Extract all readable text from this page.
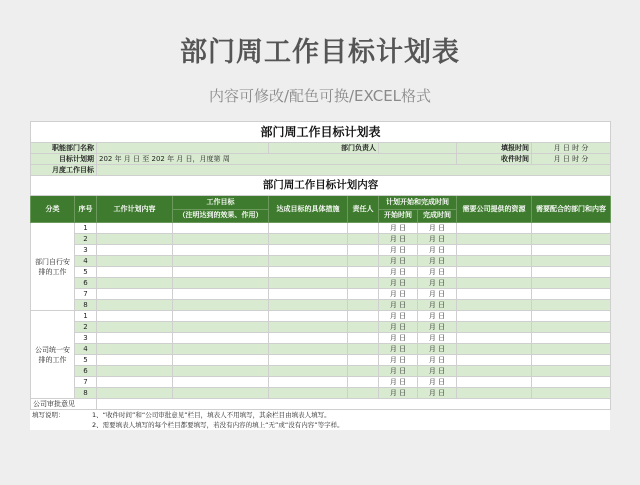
部门周工作目标计划表
内容可修改/配色可换/EXCEL格式
部门周工作目标计划表									
职能部门名称				部门负责人				填报时间	月 日 时 分
目标计划期		202 年 月 日 至 202 年 月 日，月度第 周						收件时间	月 日 时 分
月度工作目标									
部门周工作目标计划内容									
分类	序号	工作计划内容	工作目标	达成目标的具体措施	责任人	计划开始和完成时间		需要公司提供的资源	需要配合的部门和内容
			（注明达到的效果、作用）			开始时间	完成时间		
部门自行安排的工作	1					月 日	月 日		
	2					月 日	月 日		
	3					月 日	月 日		
	4					月 日	月 日		
	5					月 日	月 日		
	6					月 日	月 日		
	7					月 日	月 日		
	8					月 日	月 日		
公司统一安排的工作	1					月 日	月 日		
	2					月 日	月 日		
	3					月 日	月 日		
	4					月 日	月 日		
	5					月 日	月 日		
	6					月 日	月 日		
	7					月 日	月 日		
	8					月 日	月 日		
公司审批意见									
填写说明：	1、“收件时间”和“公司审批意见”栏目，填表人不用填写，其余栏目由填表人填写。
	2、需要填表人填写的每个栏目都要填写，若没有内容的填上“无”或“没有内容”等字样。
